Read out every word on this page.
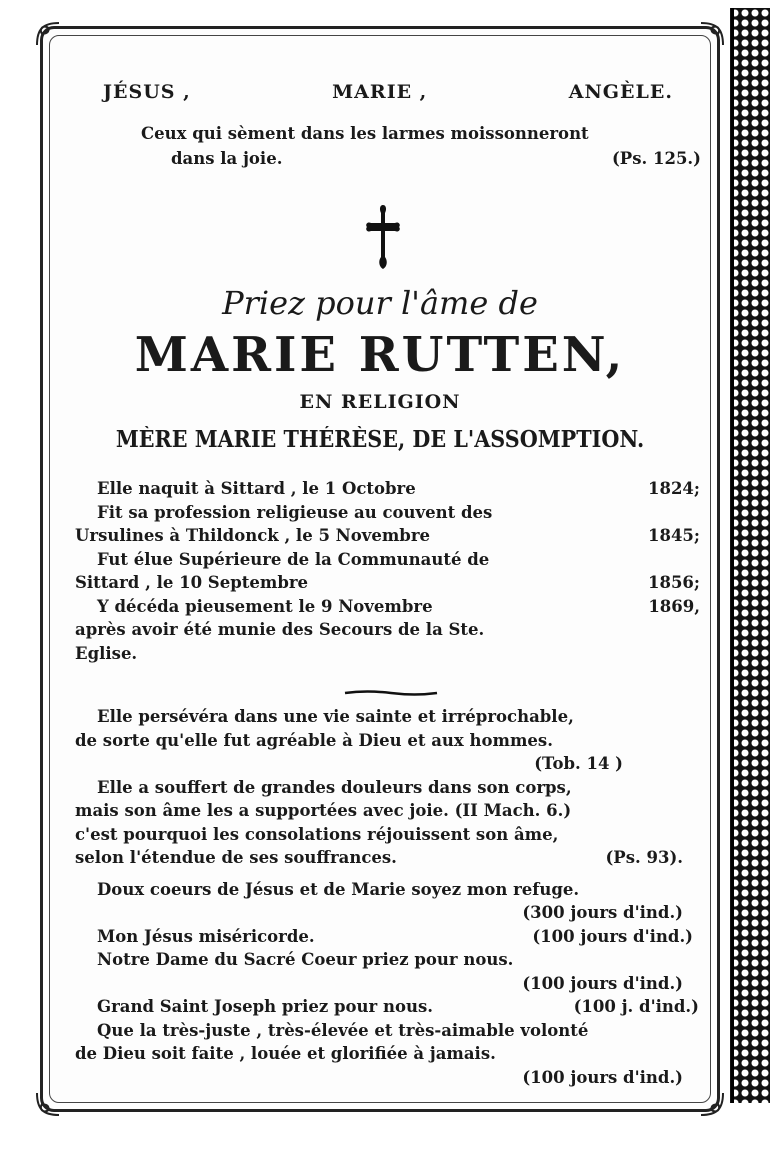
JÉSUS ,	MARIE ,	ANGÈLE.
Ceux qui sèment dans les larmes moissonneront
dans la joie.	(Ps. 125.)
Priez pour l'âme de
MARIE RUTTEN,
EN RELIGION
MÈRE MARIE THÉRÈSE, DE L'ASSOMPTION.
Elle naquit à Sittard , le 1 Octobre	1824;
Fit sa profession religieuse au couvent des
Ursulines à Thildonck , le 5 Novembre	1845;
Fut élue Supérieure de la Communauté de
Sittard , le 10 Septembre	1856;
Y décéda pieusement le 9 Novembre	1869,
après avoir été munie des Secours de la Ste.
Eglise.
Elle persévéra dans une vie sainte et irréprochable,
de sorte qu'elle fut agréable à Dieu et aux hommes.
(Tob. 14 )
Elle a souffert de grandes douleurs dans son corps,
mais son âme les a supportées avec joie. (II Mach. 6.)
c'est pourquoi les consolations réjouissent son âme,
selon l'étendue de ses souffrances.	(Ps. 93).
Doux coeurs de Jésus et de Marie soyez mon refuge.
(300 jours d'ind.)
Mon Jésus miséricorde.	(100 jours d'ind.)
Notre Dame du Sacré Coeur priez pour nous.
(100 jours d'ind.)
Grand Saint Joseph priez pour nous.	(100 j. d'ind.)
Que la très-juste , très-élevée et très-aimable volonté
de Dieu soit faite , louée et glorifiée à jamais.
(100 jours d'ind.)
